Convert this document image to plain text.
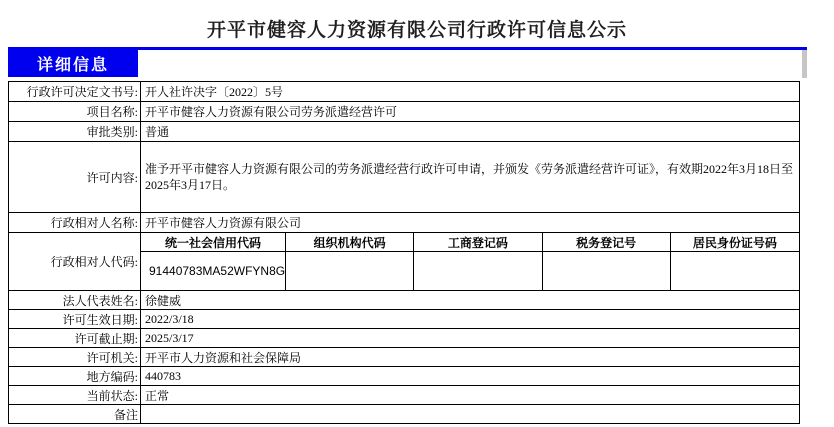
开平市健容人力资源有限公司行政许可信息公示
详细信息
行政许可决定文书号: 开人社许决字〔2022〕5号
项目名称: 开平市健容人力资源有限公司劳务派遣经营许可
审批类别: 普通
许可内容:
准予开平市健容人力资源有限公司的劳务派遣经营行政许可申请，并颁发《劳务派遣经营许可证》，有效期2022年3月18日至2025年3月17日。
行政相对人名称: 开平市健容人力资源有限公司
行政相对人代码:
统一社会信用代码	组织机构代码	工商登记码	税务登记号	居民身份证号码
91440783MA52WFYN8G
法人代表姓名: 徐健威
许可生效日期: 2022/3/18
许可截止期: 2025/3/17
许可机关: 开平市人力资源和社会保障局
地方编码: 440783
当前状态: 正常
备注
